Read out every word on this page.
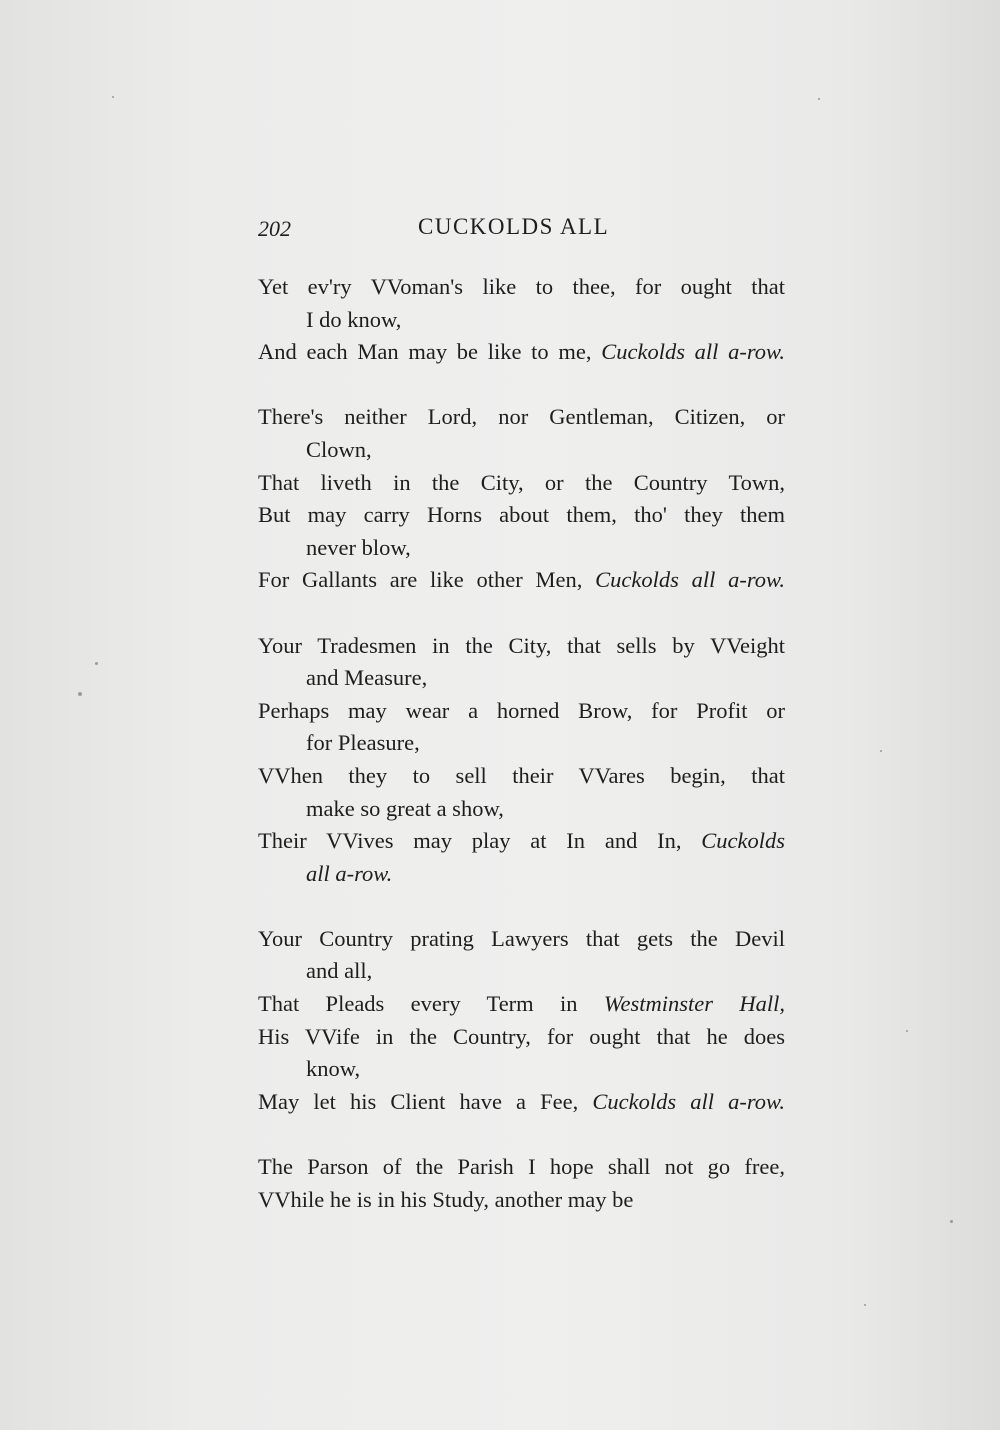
202	CUCKOLDS ALL
Yet ev'ry VVoman's like to thee, for ought that
I do know,
And each Man may be like to me, Cuckolds all a-row.
There's neither Lord, nor Gentleman, Citizen, or
Clown,
That liveth in the City, or the Country Town,
But may carry Horns about them, tho' they them
never blow,
For Gallants are like other Men, Cuckolds all a-row.
Your Tradesmen in the City, that sells by VVeight
and Measure,
Perhaps may wear a horned Brow, for Profit or
for Pleasure,
VVhen they to sell their VVares begin, that
make so great a show,
Their VVives may play at In and In, Cuckolds
all a-row.
Your Country prating Lawyers that gets the Devil
and all,
That Pleads every Term in Westminster Hall,
His VVife in the Country, for ought that he does
know,
May let his Client have a Fee, Cuckolds all a-row.
The Parson of the Parish I hope shall not go free,
VVhile he is in his Study, another may be
